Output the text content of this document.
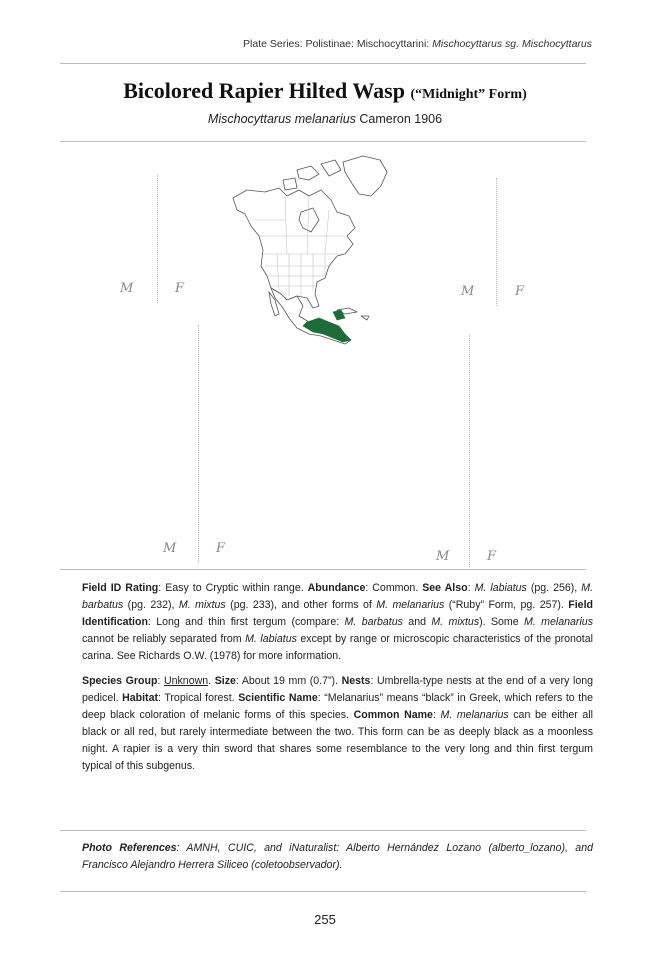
Plate Series: Polistinae: Mischocyttarini: Mischocyttarus sg. Mischocyttarus
Bicolored Rapier Hilted Wasp (“Midnight” Form)
Mischocyttarus melanarius Cameron 1906
M	F	M	F
M	F
M	F

Field ID Rating: Easy to Cryptic within range. Abundance: Common. See Also: M. labiatus (pg. 256), M. barbatus (pg. 232), M. mixtus (pg. 233), and other forms of M. melanarius (“Ruby” Form, pg. 257). Field Identification: Long and thin first tergum (compare: M. barbatus and M. mixtus). Some M. melanarius cannot be reliably separated from M. labiatus except by range or microscopic characteristics of the pronotal carina. See Richards O.W. (1978) for more information.

Species Group: Unknown. Size: About 19 mm (0.7”). Nests: Umbrella-type nests at the end of a very long pedicel. Habitat: Tropical forest. Scientific Name: “Melanarius” means “black” in Greek, which refers to the deep black coloration of melanic forms of this species. Common Name: M. melanarius can be either all black or all red, but rarely intermediate between the two. This form can be as deeply black as a moonless night. A rapier is a very thin sword that shares some resemblance to the very long and thin first tergum typical of this subgenus.

Photo References: AMNH, CUIC, and iNaturalist: Alberto Hernández Lozano (alberto_lozano), and Francisco Alejandro Herrera Siliceo (coletoobservador).

255
